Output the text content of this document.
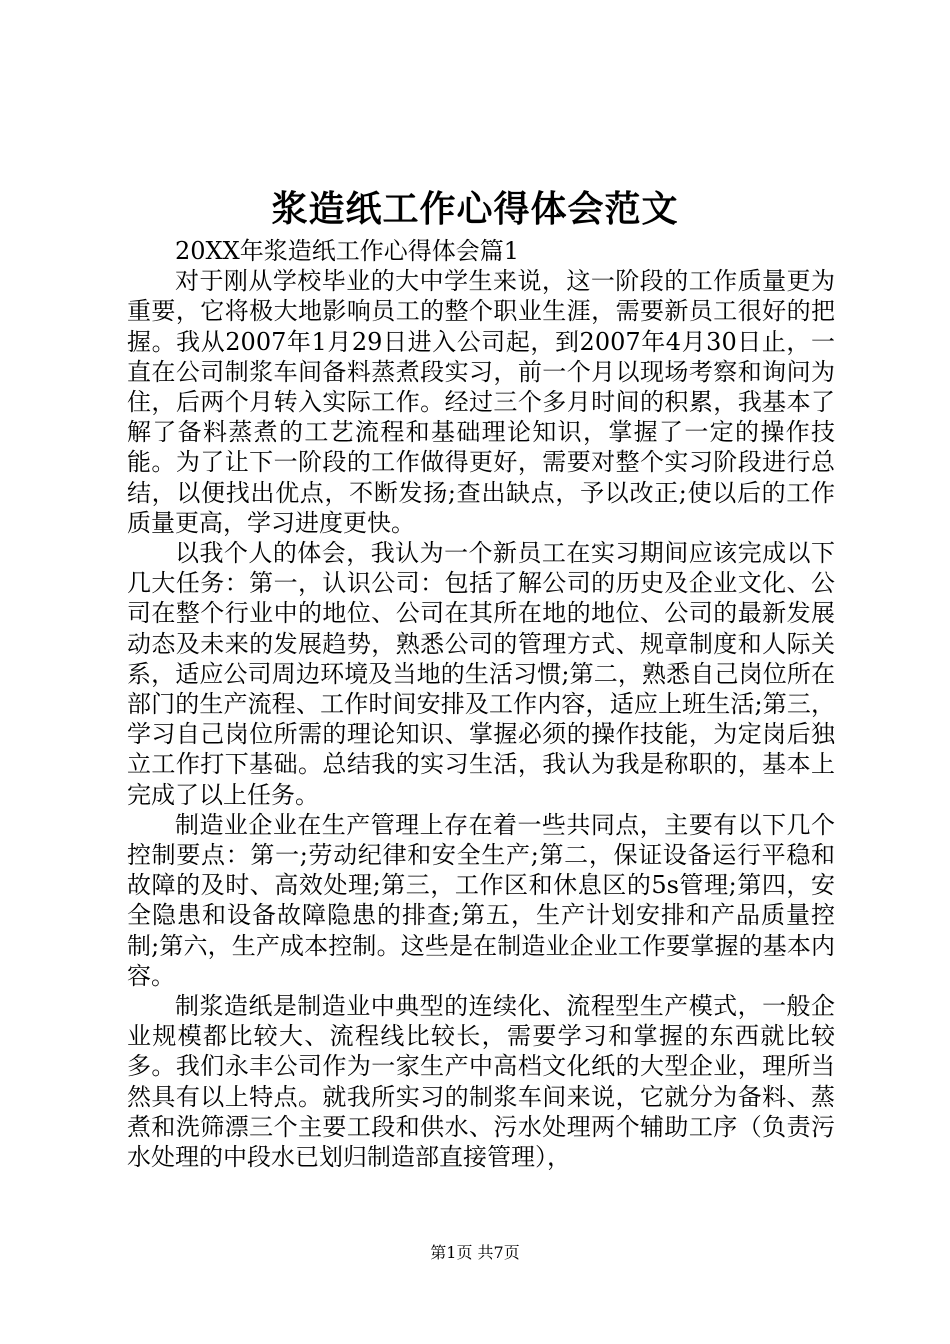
浆造纸工作心得体会范文

20XX年浆造纸工作心得体会篇1

对于刚从学校毕业的大中学生来说，这一阶段的工作质量更为重要，它将极大地影响员工的整个职业生涯，需要新员工很好的把握。我从2007年1月29日进入公司起，到2007年4月30日止，一直在公司制浆车间备料蒸煮段实习，前一个月以现场考察和询问为住，后两个月转入实际工作。经过三个多月时间的积累，我基本了解了备料蒸煮的工艺流程和基础理论知识，掌握了一定的操作技能。为了让下一阶段的工作做得更好，需要对整个实习阶段进行总结，以便找出优点，不断发扬;查出缺点，予以改正;使以后的工作质量更高，学习进度更快。

以我个人的体会，我认为一个新员工在实习期间应该完成以下几大任务：第一，认识公司：包括了解公司的历史及企业文化、公司在整个行业中的地位、公司在其所在地的地位、公司的最新发展动态及未来的发展趋势，熟悉公司的管理方式、规章制度和人际关系，适应公司周边环境及当地的生活习惯;第二，熟悉自己岗位所在部门的生产流程、工作时间安排及工作内容，适应上班生活;第三，学习自己岗位所需的理论知识、掌握必须的操作技能，为定岗后独立工作打下基础。总结我的实习生活，我认为我是称职的，基本上完成了以上任务。

制造业企业在生产管理上存在着一些共同点，主要有以下几个控制要点：第一;劳动纪律和安全生产;第二，保证设备运行平稳和故障的及时、高效处理;第三，工作区和休息区的5s管理;第四，安全隐患和设备故障隐患的排查;第五，生产计划安排和产品质量控制;第六，生产成本控制。这些是在制造业企业工作要掌握的基本内容。

制浆造纸是制造业中典型的连续化、流程型生产模式，一般企业规模都比较大、流程线比较长，需要学习和掌握的东西就比较多。我们永丰公司作为一家生产中高档文化纸的大型企业，理所当然具有以上特点。就我所实习的制浆车间来说，它就分为备料、蒸煮和洗筛漂三个主要工段和供水、污水处理两个辅助工序（负责污水处理的中段水已划归制造部直接管理），

第1页 共7页
